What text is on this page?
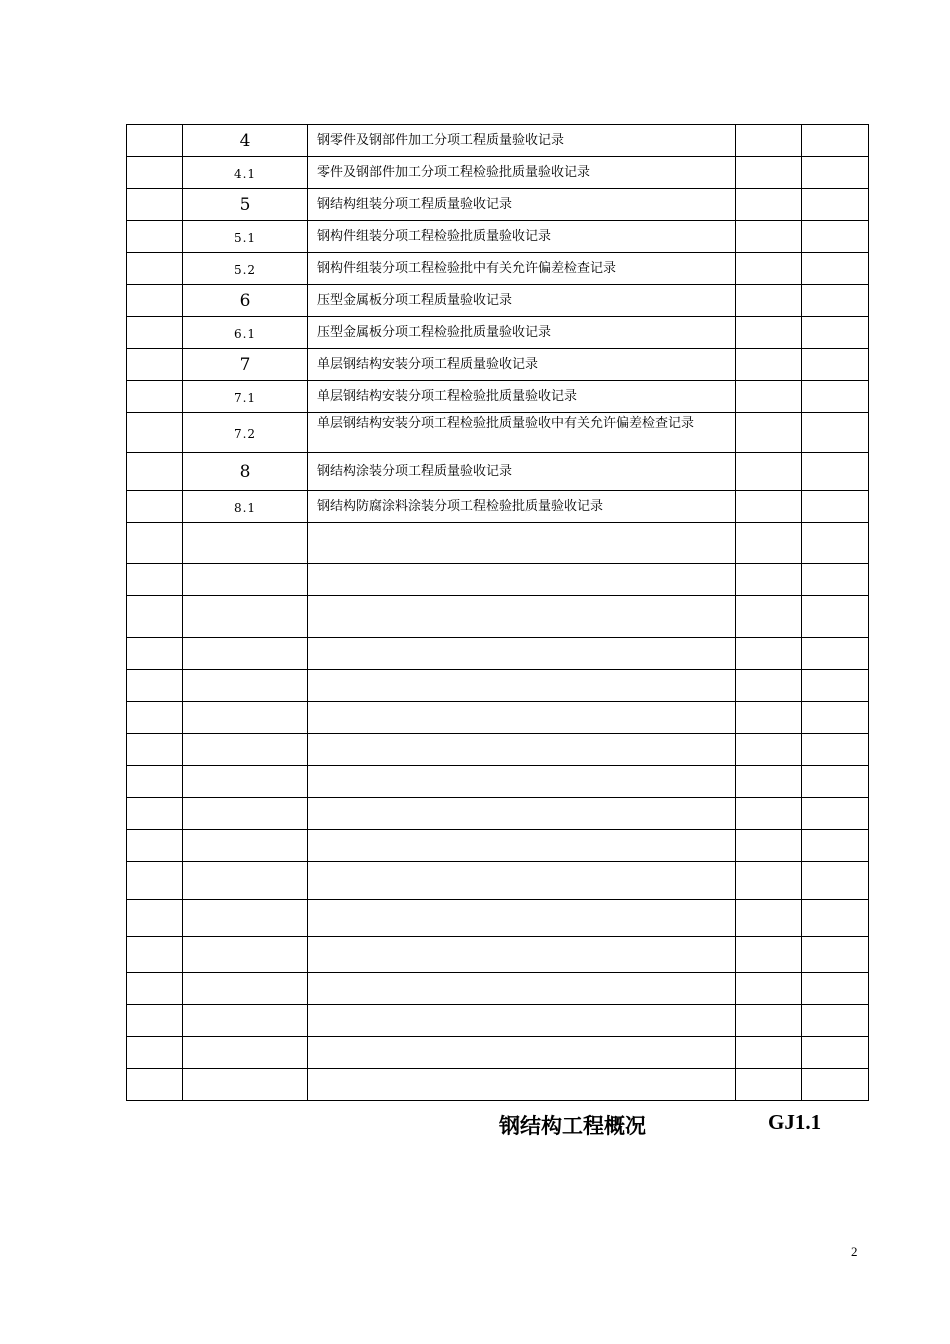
	4	钢零件及钢部件加工分项工程质量验收记录		
	4.1	零件及钢部件加工分项工程检验批质量验收记录		
	5	钢结构组装分项工程质量验收记录		
	5.1	钢构件组装分项工程检验批质量验收记录		
	5.2	钢构件组装分项工程检验批中有关允许偏差检查记录		
	6	压型金属板分项工程质量验收记录		
	6.1	压型金属板分项工程检验批质量验收记录		
	7	单层钢结构安装分项工程质量验收记录		
	7.1	单层钢结构安装分项工程检验批质量验收记录		
	7.2	单层钢结构安装分项工程检验批质量验收中有关允许偏差检查记录		

	8	钢结构涂装分项工程质量验收记录		
	8.1	钢结构防腐涂料涂装分项工程检验批质量验收记录		

钢结构工程概况	GJ1.1
2
